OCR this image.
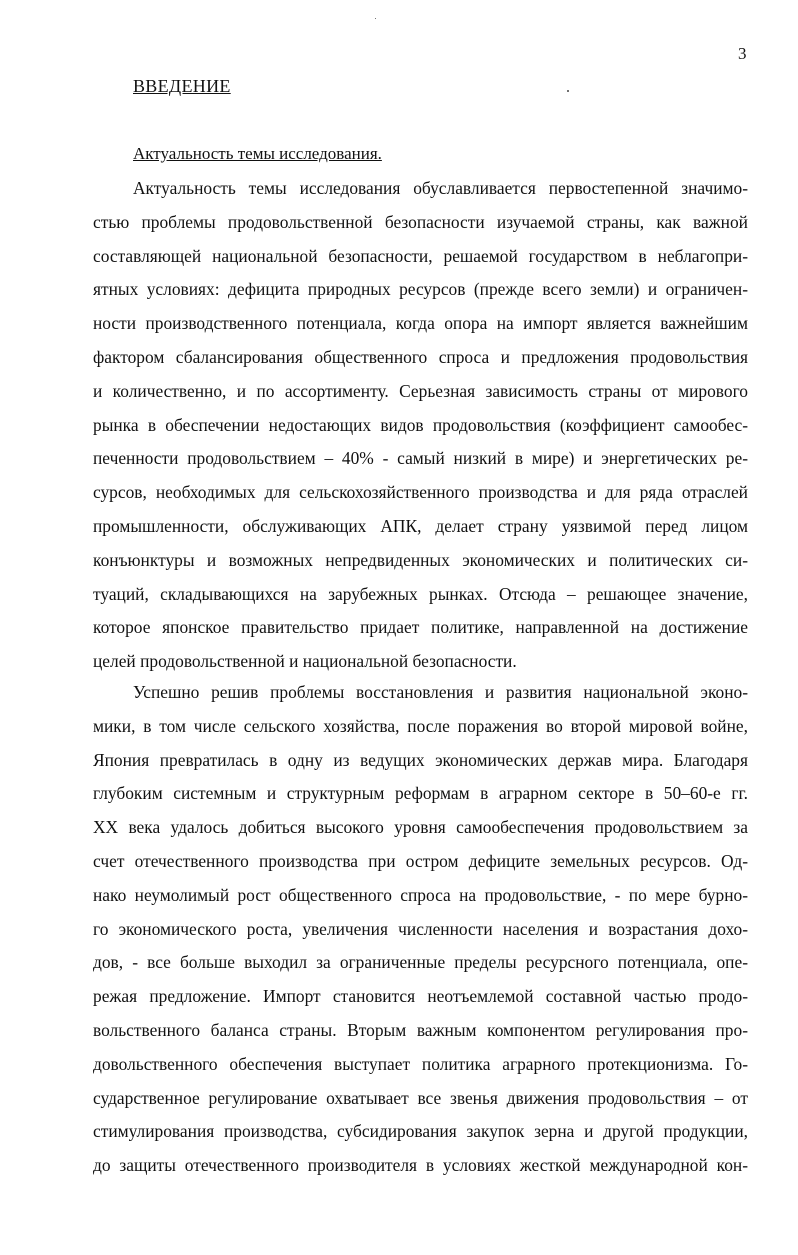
3
ВВЕДЕНИЕ
Актуальность темы исследования.
Актуальность темы исследования обуславливается первостепенной значимо-
стью проблемы продовольственной безопасности изучаемой страны, как важной
составляющей национальной безопасности, решаемой государством в неблагопри-
ятных условиях: дефицита природных ресурсов (прежде всего земли) и ограничен-
ности производственного потенциала, когда опора на импорт является важнейшим
фактором сбалансирования общественного спроса и предложения продовольствия
и количественно, и по ассортименту. Серьезная зависимость страны от мирового
рынка в обеспечении недостающих видов продовольствия (коэффициент самообес-
печенности продовольствием – 40% - самый низкий в мире) и энергетических ре-
сурсов, необходимых для сельскохозяйственного производства и для ряда отраслей
промышленности, обслуживающих АПК, делает страну уязвимой перед лицом
конъюнктуры и возможных непредвиденных экономических и политических си-
туаций, складывающихся на зарубежных рынках. Отсюда – решающее значение,
которое японское правительство придает политике, направленной на достижение
целей продовольственной и национальной безопасности.
Успешно решив проблемы восстановления и развития национальной эконо-
мики, в том числе сельского хозяйства, после поражения во второй мировой войне,
Япония превратилась в одну из ведущих экономических держав мира. Благодаря
глубоким системным и структурным реформам в аграрном секторе в 50–60-е гг.
XX века удалось добиться высокого уровня самообеспечения продовольствием за
счет отечественного производства при остром дефиците земельных ресурсов. Од-
нако неумолимый рост общественного спроса на продовольствие, - по мере бурно-
го экономического роста, увеличения численности населения и возрастания дохо-
дов, - все больше выходил за ограниченные пределы ресурсного потенциала, опе-
режая предложение. Импорт становится неотъемлемой составной частью продо-
вольственного баланса страны. Вторым важным компонентом регулирования про-
довольственного обеспечения выступает политика аграрного протекционизма. Го-
сударственное регулирование охватывает все звенья движения продовольствия – от
стимулирования производства, субсидирования закупок зерна и другой продукции,
до защиты отечественного производителя в условиях жесткой международной кон-
